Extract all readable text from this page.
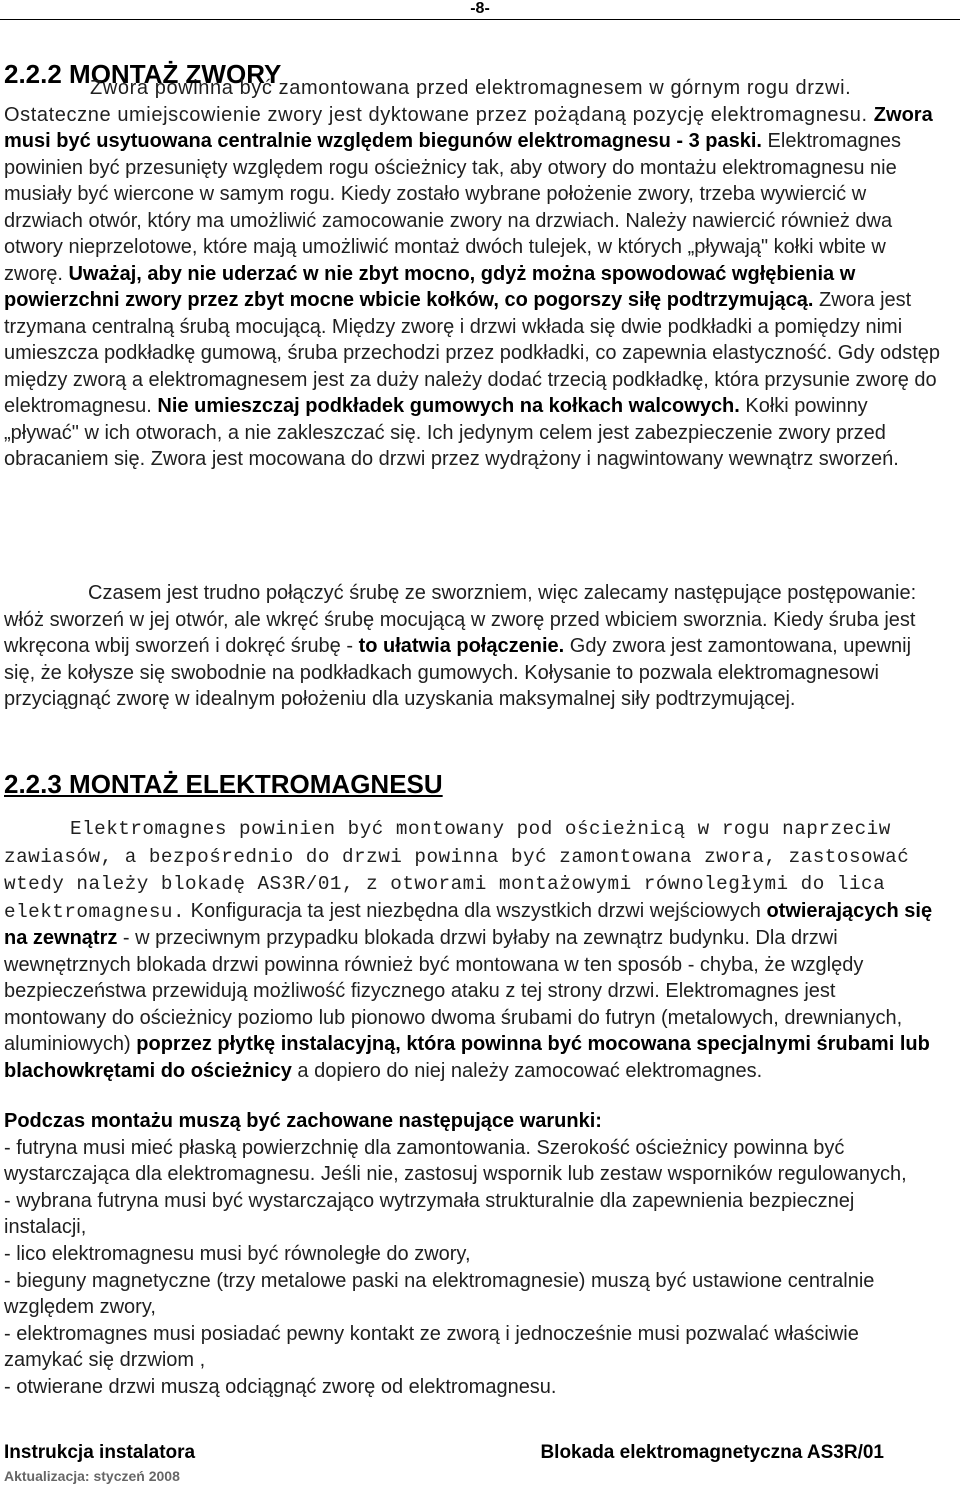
-8-
2.2.2 MONTAŻ ZWORY

Zwora powinna być zamontowana przed elektromagnesem w górnym rogu drzwi. Ostateczne umiejscowienie zwory jest dyktowane przez pożądaną pozycję elektromagnesu. Zwora musi być usytuowana centralnie względem biegunów elektromagnesu - 3 paski. Elektromagnes powinien być przesunięty względem rogu ościeżnicy tak, aby otwory do montażu elektromagnesu nie musiały być wiercone w samym rogu. Kiedy zostało wybrane położenie zwory, trzeba wywiercić w drzwiach otwór, który ma umożliwić zamocowanie zwory na drzwiach. Należy nawiercić również dwa otwory nieprzelotowe, które mają umożliwić montaż dwóch tulejek, w których „pływają" kołki wbite w zworę. Uważaj, aby nie uderzać w nie zbyt mocno, gdyż można spowodować wgłębienia w powierzchni zwory przez zbyt mocne wbicie kołków, co pogorszy siłę podtrzymującą. Zwora jest trzymana centralną śrubą mocującą. Między zworę i drzwi wkłada się dwie podkładki a pomiędzy nimi umieszcza podkładkę gumową, śruba przechodzi przez podkładki, co zapewnia elastyczność. Gdy odstęp między zworą a elektromagnesem jest za duży należy dodać trzecią podkładkę, która przysunie zworę do elektromagnesu. Nie umieszczaj podkładek gumowych na kołkach walcowych. Kołki powinny „pływać" w ich otworach, a nie zakleszczać się. Ich jedynym celem jest zabezpieczenie zwory przed obracaniem się. Zwora jest mocowana do drzwi przez wydrążony i nagwintowany wewnątrz sworzeń.

Czasem jest trudno połączyć śrubę ze sworzniem, więc zalecamy następujące postępowanie: włóż sworzeń w jej otwór, ale wkręć śrubę mocującą w zworę przed wbiciem sworznia. Kiedy śruba jest wkręcona wbij sworzeń i dokręć śrubę - to ułatwia połączenie. Gdy zwora jest zamontowana, upewnij się, że kołysze się swobodnie na podkładkach gumowych. Kołysanie to pozwala elektromagnesowi przyciągnąć zworę w idealnym położeniu dla uzyskania maksymalnej siły podtrzymującej.

2.2.3 MONTAŻ ELEKTROMAGNESU

Elektromagnes powinien być montowany pod ościeżnicą w rogu naprzeciw zawiasów, a bezpośrednio do drzwi powinna być zamontowana zwora, zastosować wtedy należy blokadę AS3R/01, z otworami montażowymi równoległymi do lica elektromagnesu. Konfiguracja ta jest niezbędna dla wszystkich drzwi wejściowych otwierających się na zewnątrz - w przeciwnym przypadku blokada drzwi byłaby na zewnątrz budynku. Dla drzwi wewnętrznych blokada drzwi powinna również być montowana w ten sposób - chyba, że względy bezpieczeństwa przewidują możliwość fizycznego ataku z tej strony drzwi. Elektromagnes jest montowany do ościeżnicy poziomo lub pionowo dwoma śrubami do futryn (metalowych, drewnianych, aluminiowych) poprzez płytkę instalacyjną, która powinna być mocowana specjalnymi śrubami lub blachowkrętami do ościeżnicy a dopiero do niej należy zamocować elektromagnes.

Podczas montażu muszą być zachowane następujące warunki:
- futryna musi mieć płaską powierzchnię dla zamontowania. Szerokość ościeżnicy powinna być wystarczająca dla elektromagnesu. Jeśli nie, zastosuj wspornik lub zestaw wsporników regulowanych,
- wybrana futryna musi być wystarczająco wytrzymała strukturalnie dla zapewnienia bezpiecznej instalacji,
- lico elektromagnesu musi być równoległe do zwory,
- bieguny magnetyczne (trzy metalowe paski na elektromagnesie) muszą być ustawione centralnie względem zwory,
- elektromagnes musi posiadać pewny kontakt ze zworą i jednocześnie musi pozwalać właściwie zamykać się drzwiom ,
- otwierane drzwi muszą odciągnąć zworę od elektromagnesu.
Instrukcja instalatora	Blokada elektromagnetyczna AS3R/01
Aktualizacja: styczeń 2008
